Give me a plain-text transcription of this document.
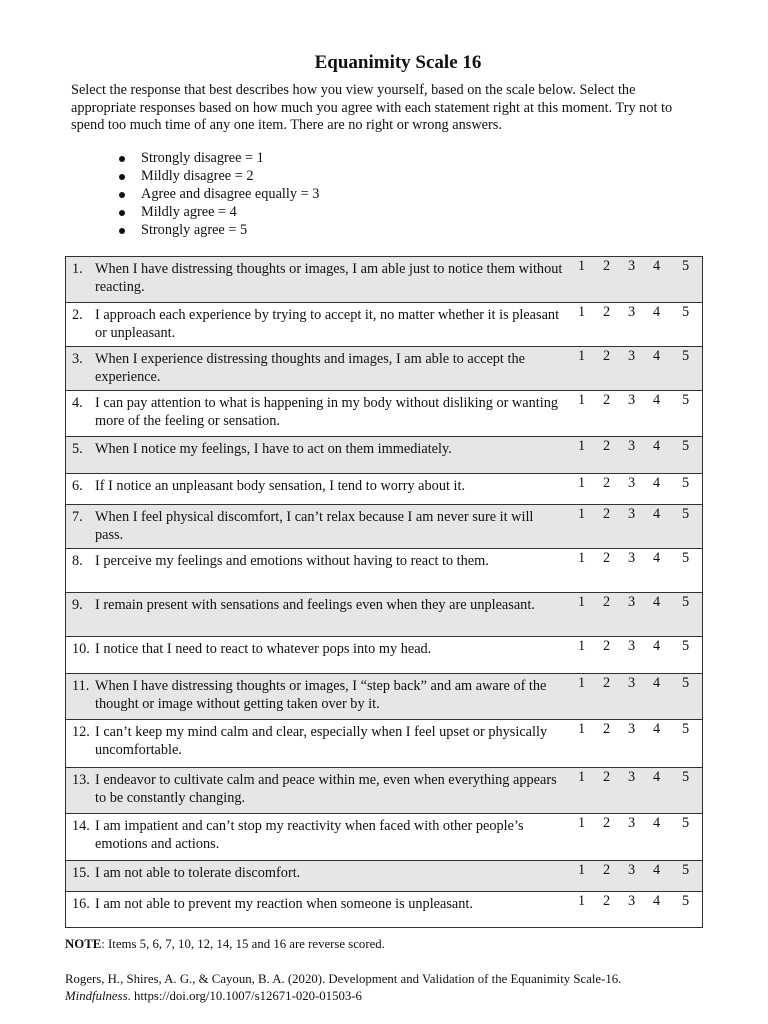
Equanimity Scale 16
Select the response that best describes how you view yourself, based on the scale below. Select the appropriate responses based on how much you agree with each statement right at this moment. Try not to spend too much time of any one item. There are no right or wrong answers.
Strongly disagree = 1
Mildly disagree = 2
Agree and disagree equally = 3
Mildly agree = 4
Strongly agree = 5
1. When I have distressing thoughts or images, I am able just to notice them without reacting.
1 2 3 4 5
2. I approach each experience by trying to accept it, no matter whether it is pleasant or unpleasant.
1 2 3 4 5
3. When I experience distressing thoughts and images, I am able to accept the experience.
1 2 3 4 5
4. I can pay attention to what is happening in my body without disliking or wanting more of the feeling or sensation.
1 2 3 4 5
5. When I notice my feelings, I have to act on them immediately.	1 2 3 4 5
6. If I notice an unpleasant body sensation, I tend to worry about it.	1 2 3 4 5
7. When I feel physical discomfort, I can’t relax because I am never sure it will pass.
1 2 3 4 5
8. I perceive my feelings and emotions without having to react to them.	1 2 3 4 5
9. I remain present with sensations and feelings even when they are unpleasant.	1 2 3 4 5
10. I notice that I need to react to whatever pops into my head.	1 2 3 4 5
11. When I have distressing thoughts or images, I “step back” and am aware of the thought or image without getting taken over by it.
1 2 3 4 5
12. I can’t keep my mind calm and clear, especially when I feel upset or physically uncomfortable.
1 2 3 4 5
13. I endeavor to cultivate calm and peace within me, even when everything appears to be constantly changing.
1 2 3 4 5
14. I am impatient and can’t stop my reactivity when faced with other people’s emotions and actions.
1 2 3 4 5
15. I am not able to tolerate discomfort.	1 2 3 4 5
16. I am not able to prevent my reaction when someone is unpleasant.	1 2 3 4 5
NOTE: Items 5, 6, 7, 10, 12, 14, 15 and 16 are reverse scored.
Rogers, H., Shires, A. G., & Cayoun, B. A. (2020). Development and Validation of the Equanimity Scale-16.
Mindfulness. https://doi.org/10.1007/s12671-020-01503-6
